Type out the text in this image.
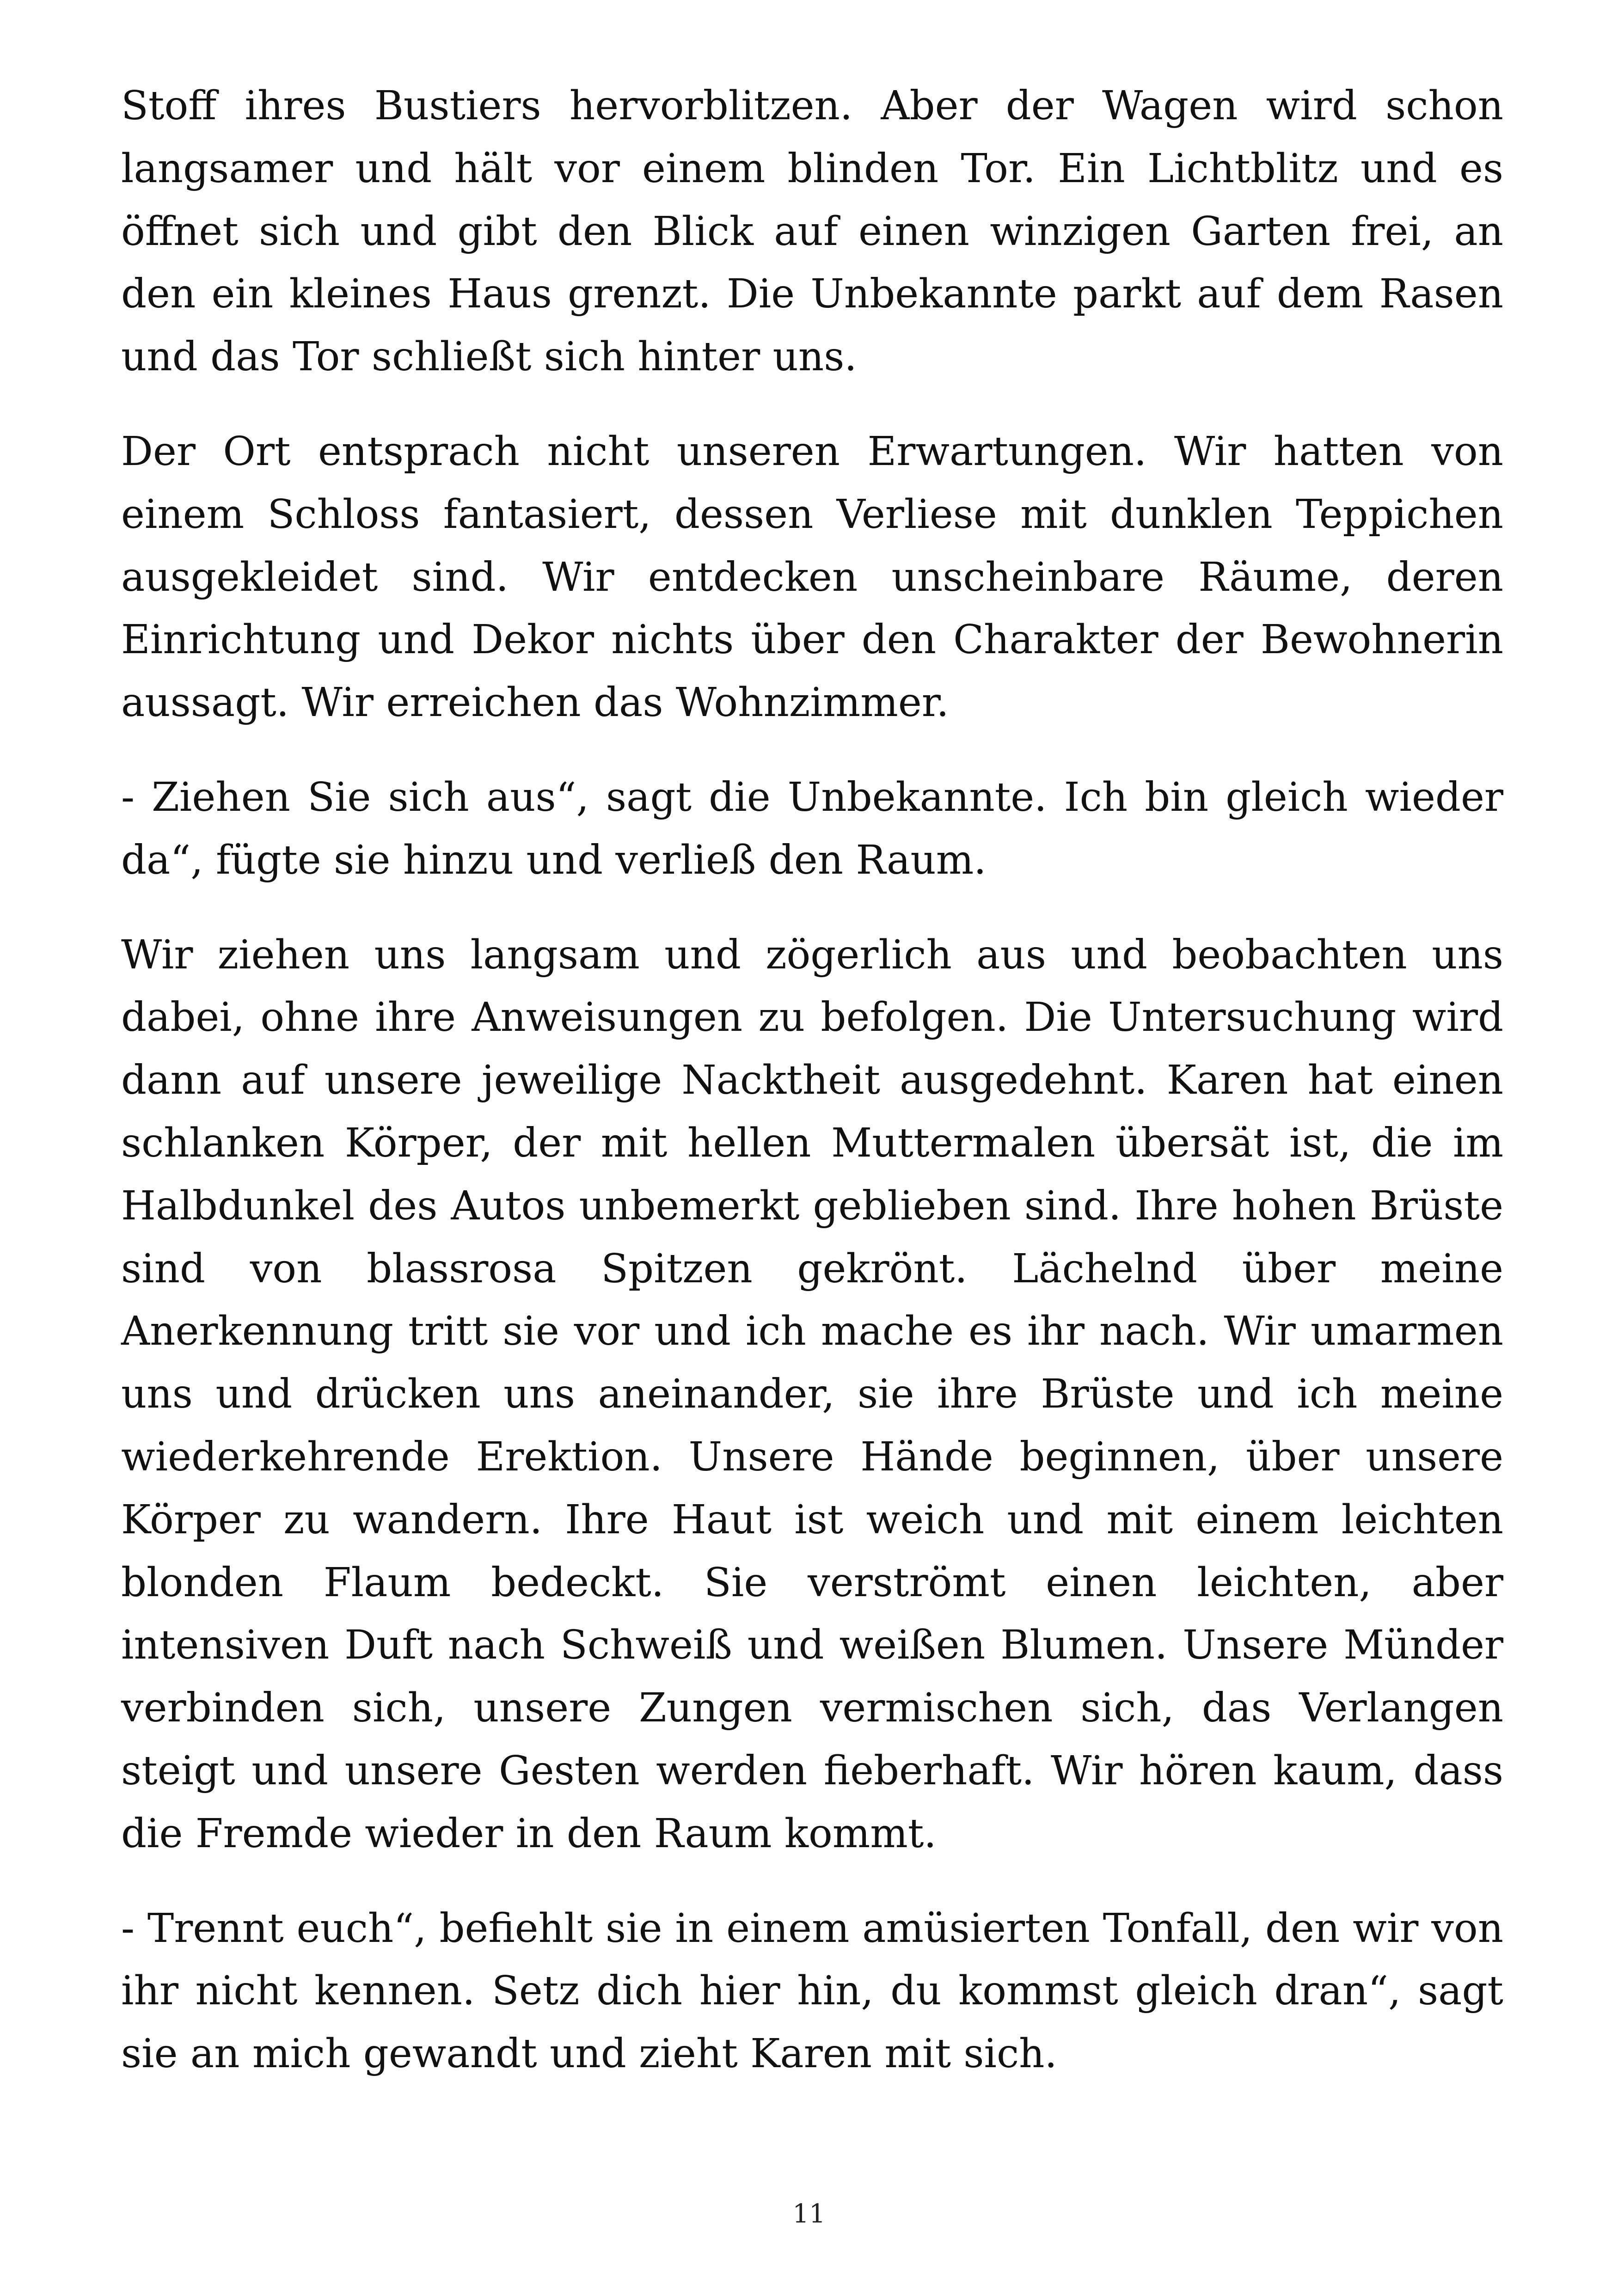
Stoff ihres Bustiers hervorblitzen. Aber der Wagen wird schon langsamer und hält vor einem blinden Tor. Ein Lichtblitz und es öffnet sich und gibt den Blick auf einen winzigen Garten frei, an den ein kleines Haus grenzt. Die Unbekannte parkt auf dem Rasen und das Tor schließt sich hinter uns.

Der Ort entsprach nicht unseren Erwartungen. Wir hatten von einem Schloss fantasiert, dessen Verliese mit dunklen Teppichen ausgekleidet sind. Wir entdecken unscheinbare Räume, deren Einrichtung und Dekor nichts über den Charakter der Bewohnerin aussagt. Wir erreichen das Wohnzimmer.

- Ziehen Sie sich aus“, sagt die Unbekannte. Ich bin gleich wieder da“, fügte sie hinzu und verließ den Raum.

Wir ziehen uns langsam und zögerlich aus und beobachten uns dabei, ohne ihre Anweisungen zu befolgen. Die Untersuchung wird dann auf unsere jeweilige Nacktheit ausgedehnt. Karen hat einen schlanken Körper, der mit hellen Muttermalen übersät ist, die im Halbdunkel des Autos unbemerkt geblieben sind. Ihre hohen Brüste sind von blassrosa Spitzen gekrönt. Lächelnd über meine Anerkennung tritt sie vor und ich mache es ihr nach. Wir umarmen uns und drücken uns aneinander, sie ihre Brüste und ich meine wiederkehrende Erektion. Unsere Hände beginnen, über unsere Körper zu wandern. Ihre Haut ist weich und mit einem leichten blonden Flaum bedeckt. Sie verströmt einen leichten, aber intensiven Duft nach Schweiß und weißen Blumen. Unsere Münder verbinden sich, unsere Zungen vermischen sich, das Verlangen steigt und unsere Gesten werden fieberhaft. Wir hören kaum, dass die Fremde wieder in den Raum kommt.

- Trennt euch“, befiehlt sie in einem amüsierten Tonfall, den wir von ihr nicht kennen. Setz dich hier hin, du kommst gleich dran“, sagt sie an mich gewandt und zieht Karen mit sich.

11
